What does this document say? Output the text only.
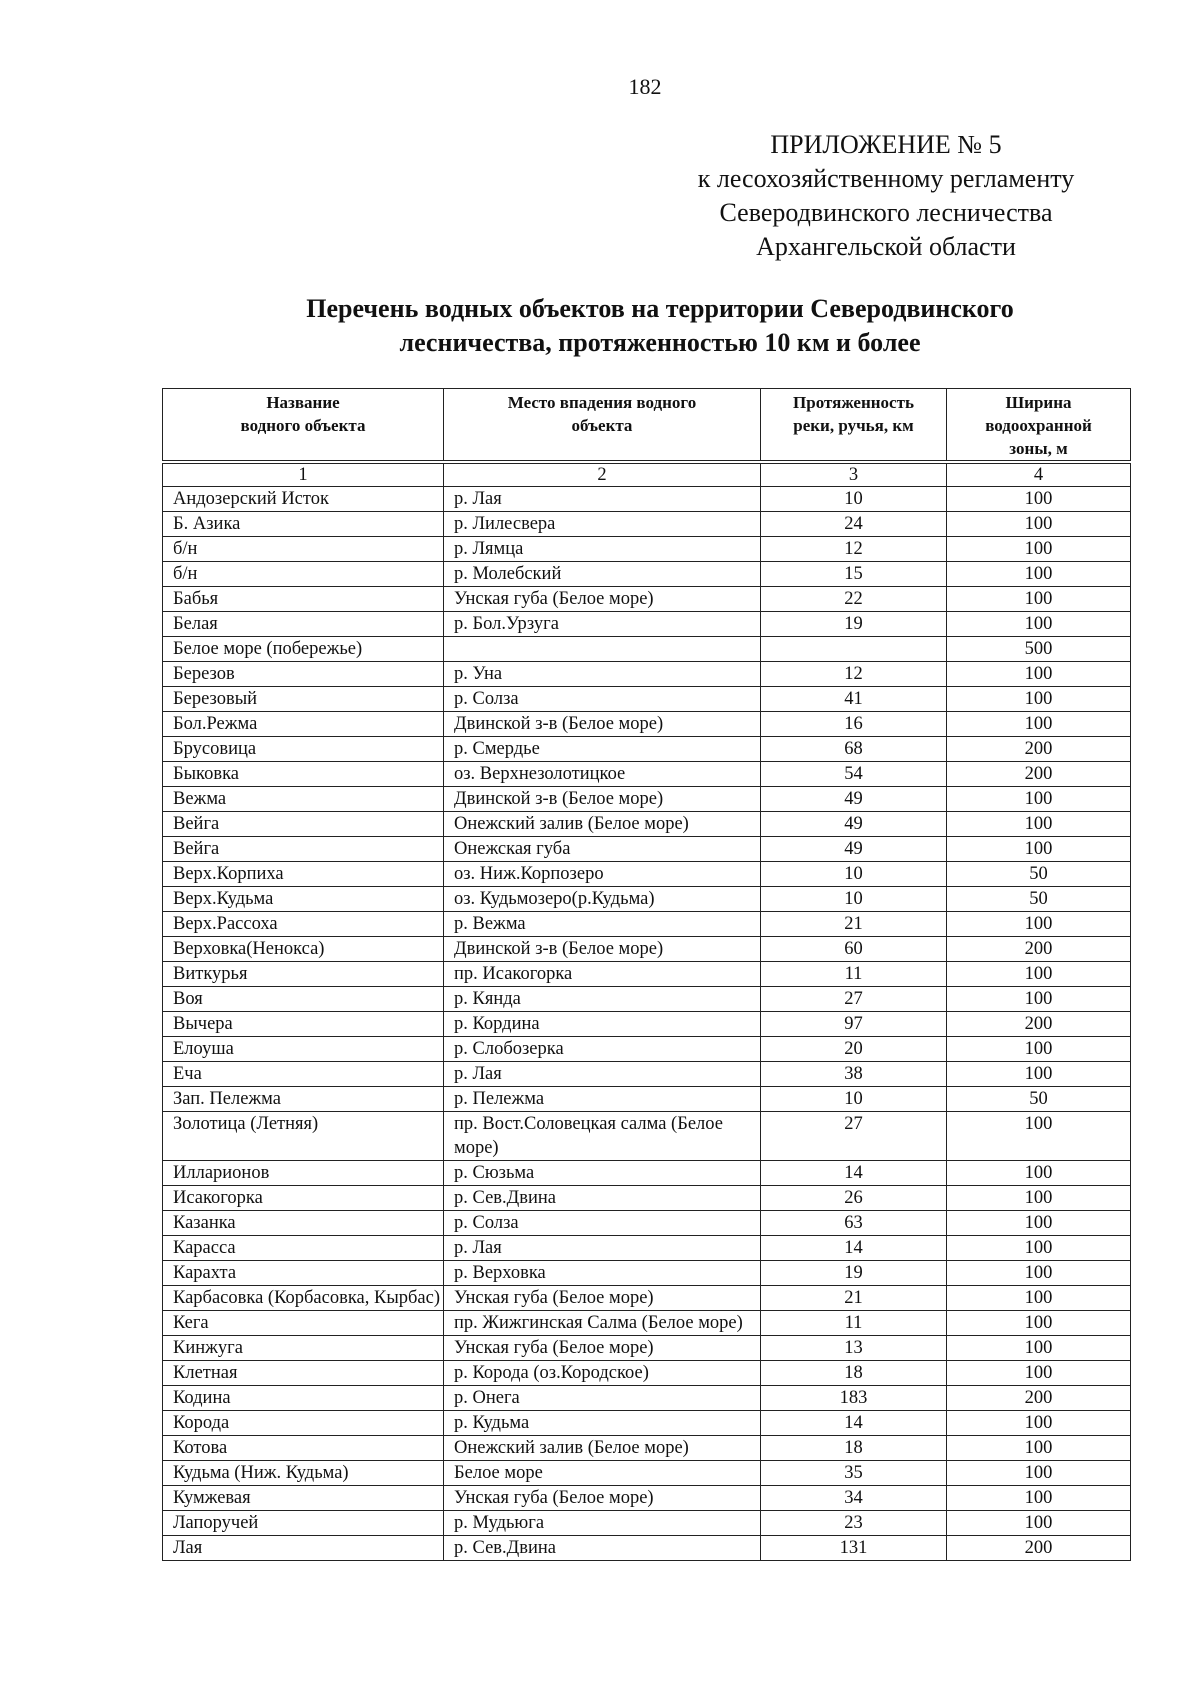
182
ПРИЛОЖЕНИЕ № 5
к лесохозяйственному регламенту
Северодвинского лесничества
Архангельской области
Перечень водных объектов на территории Северодвинского
лесничества, протяженностью 10 км и более
Название
водного объекта

Место впадения водного
объекта

Протяженность
реки, ручья, км

Ширина
водоохранной
зоны, м
1	2	3	4
Андозерский Исток	р. Лая	10	100
Б. Азика	р. Лилесвера	24	100
б/н	р. Лямца	12	100
б/н	р. Молебский	15	100
Бабья	Унская губа (Белое море)	22	100
Белая	р. Бол.Урзуга	19	100
Белое море (побережье)			500
Березов	р. Уна	12	100
Березовый	р. Солза	41	100
Бол.Режма	Двинской з-в (Белое море)	16	100
Брусовица	р. Смердье	68	200
Быковка	оз. Верхнезолотицкое	54	200
Вежма	Двинской з-в (Белое море)	49	100
Вейга	Онежский залив (Белое море)	49	100
Вейга	Онежская губа	49	100
Верх.Корпиха	оз. Ниж.Корпозеро	10	50
Верх.Кудьма	оз. Кудьмозеро(р.Кудьма)	10	50
Верх.Рассоха	р. Вежма	21	100
Верховка(Ненокса)	Двинской з-в (Белое море)	60	200
Виткурья	пр. Исакогорка	11	100
Воя	р. Кянда	27	100
Вычера	р. Кордина	97	200
Елоуша	р. Слобозерка	20	100
Еча	р. Лая	38	100
Зап. Пележма	р. Пележма	10	50
Золотица (Летняя)	пр. Вост.Соловецкая салма (Белое море)	27	100
Илларионов	р. Сюзьма	14	100
Исакогорка	р. Сев.Двина	26	100
Казанка	р. Солза	63	100
Карасса	р. Лая	14	100
Карахта	р. Верховка	19	100
Карбасовка (Корбасовка, Кырбас)	Унская губа (Белое море)	21	100
Кега	пр. Жижгинская Салма (Белое море)	11	100
Кинжуга	Унская губа (Белое море)	13	100
Клетная	р. Корода (оз.Кородское)	18	100
Кодина	р. Онега	183	200
Корода	р. Кудьма	14	100
Котова	Онежский залив (Белое море)	18	100
Кудьма (Ниж. Кудьма)	Белое море	35	100
Кумжевая	Унская губа (Белое море)	34	100
Лапоручей	р. Мудьюга	23	100
Лая	р. Сев.Двина	131	200
